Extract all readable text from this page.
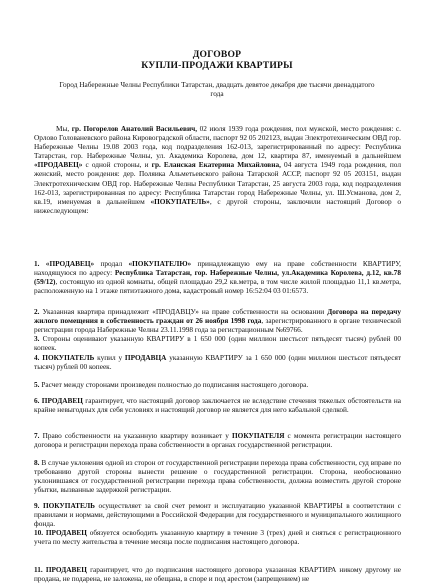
ДОГОВОР
КУПЛИ-ПРОДАЖИ КВАРТИРЫ
Город Набережные Челны Республики Татарстан, двадцать девятое декабря две тысячи двенадцатого года
Мы, гр. Погорелов Анатолий Васильевич, 02 июля 1939 года рождения, пол мужской, место рождения: с. Орлово Голованевского района Кировоградской области, паспорт 92 05 202123, выдан Электротехническим ОВД гор. Набережные Челны 19.08 2003 года, код подразделения 162-013, зарегистрированный по адресу: Республика Татарстан, гор. Набережные Челны, ул. Академика Королева, дом 12, квартира 87, именуемый в дальнейшем «ПРОДАВЕЦ» с одной стороны, и гр. Еланская Екатерина Михайловна, 04 августа 1949 года рождения, пол женский, место рождения: дер. Поляика Альметьевского района Татарской АССР, паспорт 92 05 203151, выдан Электротехническим ОВД гор. Набережные Челны Республики Татарстан, 25 августа 2003 года, код подразделения 162-013, зарегистрированная по адресу: Республика Татарстан город Набережные Челны, ул. Ш.Усманова, дом 2, кв.19, именуемая в дальнейшем «ПОКУПАТЕЛЬ», с другой стороны, заключили настоящий Договор о нижеследующем:
1. «ПРОДАВЕЦ» продал «ПОКУПАТЕЛЮ» принадлежащую ему на праве собственности КВАРТИРУ, находящуюся по адресу: Республика Татарстан, гор. Набережные Челны, ул.Академика Королева, д.12, кв.78 (59/12), состоящую из одной комнаты, общей площадью 29,2 кв.метра, в том числе жилой площадью 11,1 кв.метра, расположенную на 1 этаже пятиэтажного дома, кадастровый номер 16:52:04 03 01:6573.
2. Указанная квартира принадлежит «ПРОДАВЦУ» на праве собственности на основании Договора на передачу жилого помещения в собственность граждан от 26 ноября 1998 года, зарегистрированного в органе технической регистрации города Набережные Челны 23.11.1998 года за регистрационным №69766.
3. Стороны оценивают указанную КВАРТИРУ в 1 650 000 (один миллион шестьсот пятьдесят тысяч) рублей 00 копеек.
4. ПОКУПАТЕЛЬ купил у ПРОДАВЦА указанную КВАРТИРУ за 1 650 000 (один миллион шестьсот пятьдесят тысяч) рублей 00 копеек.
5. Расчет между сторонами произведен полностью до подписания настоящего договора.
6. ПРОДАВЕЦ гарантирует, что настоящий договор заключается не вследствие стечения тяжелых обстоятельств на крайне невыгодных для себя условиях и настоящий договор не является для него кабальной сделкой.
7. Право собственности на указанную квартиру возникает у ПОКУПАТЕЛЯ с момента регистрации настоящего договора и регистрации перехода права собственности в органах государственной регистрации.
8. В случае уклонения одной из сторон от государственной регистрации перехода права собственности, суд вправе по требованию другой стороны вынести решение о государственной регистрации. Сторона, необоснованно уклонившаяся от государственной регистрации перехода права собственности, должна возместить другой стороне убытки, вызванные задержкой регистрации.
9. ПОКУПАТЕЛЬ осуществляет за свой счет ремонт и эксплуатацию указанной КВАРТИРЫ в соответствии с правилами и нормами, действующими в Российской Федерации для государственного и муниципального жилищного фонда.
10. ПРОДАВЕЦ обязуется освободить указанную квартиру в течение 3 (трех) дней и сняться с регистрационного учета по месту жительства в течение месяца после подписания настоящего договора.
11. ПРОДАВЕЦ гарантирует, что до подписания настоящего договора указанная КВАРТИРА никому другому не продана, не подарена, не заложена, не обещана, в споре и под арестом (запрещением) не
